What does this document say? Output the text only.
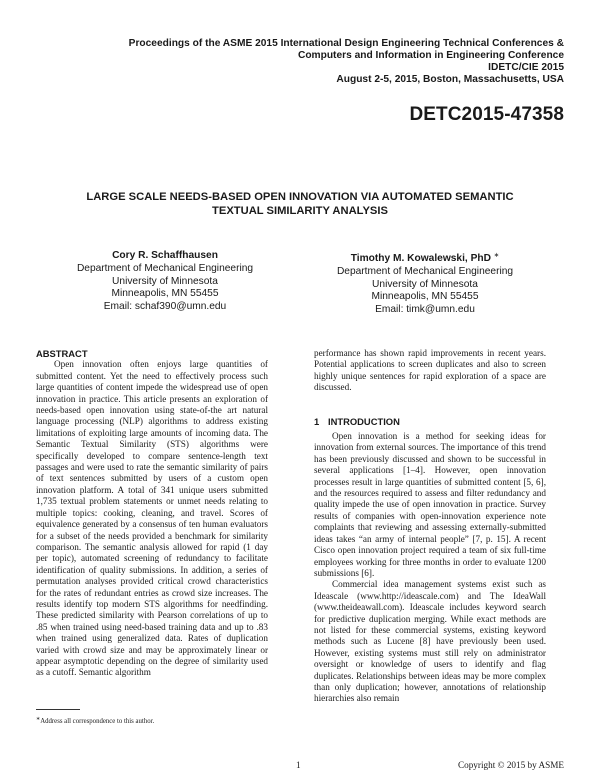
Proceedings of the ASME 2015 International Design Engineering Technical Conferences &
Computers and Information in Engineering Conference
IDETC/CIE 2015
August 2-5, 2015, Boston, Massachusetts, USA
DETC2015-47358
LARGE SCALE NEEDS-BASED OPEN INNOVATION VIA AUTOMATED SEMANTIC
TEXTUAL SIMILARITY ANALYSIS
Cory R. Schaffhausen
Department of Mechanical Engineering
University of Minnesota
Minneapolis, MN 55455
Email: schaf390@umn.edu
Timothy M. Kowalewski, PhD ∗
Department of Mechanical Engineering
University of Minnesota
Minneapolis, MN 55455
Email: timk@umn.edu
ABSTRACT

Open innovation often enjoys large quantities of submitted content. Yet the need to effectively process such large quantities of content impede the widespread use of open innovation in practice. This article presents an exploration of needs-based open innovation using state-of-the art natural language processing (NLP) algorithms to address existing limitations of exploiting large amounts of incoming data. The Semantic Textual Similarity (STS) algorithms were specifically developed to compare sentence-length text passages and were used to rate the semantic similarity of pairs of text sentences submitted by users of a custom open innovation platform. A total of 341 unique users submitted 1,735 textual problem statements or unmet needs relating to multiple topics: cooking, cleaning, and travel. Scores of equivalence generated by a consensus of ten human evaluators for a subset of the needs provided a benchmark for similarity comparison. The semantic analysis allowed for rapid (1 day per topic), automated screening of redundancy to facilitate identification of quality submissions. In addition, a series of permutation analyses provided critical crowd characteristics for the rates of redundant entries as crowd size increases. The results identify top modern STS algorithms for needfinding. These predicted similarity with Pearson correlations of up to .85 when trained using need-based training data and up to .83 when trained using generalized data. Rates of duplication varied with crowd size and may be approximately linear or appear asymptotic depending on the degree of similarity used as a cutoff. Semantic algorithm

performance has shown rapid improvements in recent years. Potential applications to screen duplicates and also to screen highly unique sentences for rapid exploration of a space are discussed.

1 INTRODUCTION

Open innovation is a method for seeking ideas for innovation from external sources. The importance of this trend has been previously discussed and shown to be successful in several applications [1–4]. However, open innovation processes result in large quantities of submitted content [5, 6], and the resources required to assess and filter redundancy and quality impede the use of open innovation in practice. Survey results of companies with open-innovation experience note complaints that reviewing and assessing externally-submitted ideas takes “an army of internal people” [7, p. 15]. A recent Cisco open innovation project required a team of six full-time employees working for three months in order to evaluate 1200 submissions [6].

Commercial idea management systems exist such as Ideascale (www.http://ideascale.com) and The IdeaWall (www.theideawall.com). Ideascale includes keyword search for predictive duplication merging. While exact methods are not listed for these commercial systems, existing keyword methods such as Lucene [8] have previously been used. However, existing systems must still rely on administrator oversight or knowledge of users to identify and flag duplicates. Relationships between ideas may be more complex than only duplication; however, annotations of relationship hierarchies also remain

∗Address all correspondence to this author.
1	Copyright © 2015 by ASME
